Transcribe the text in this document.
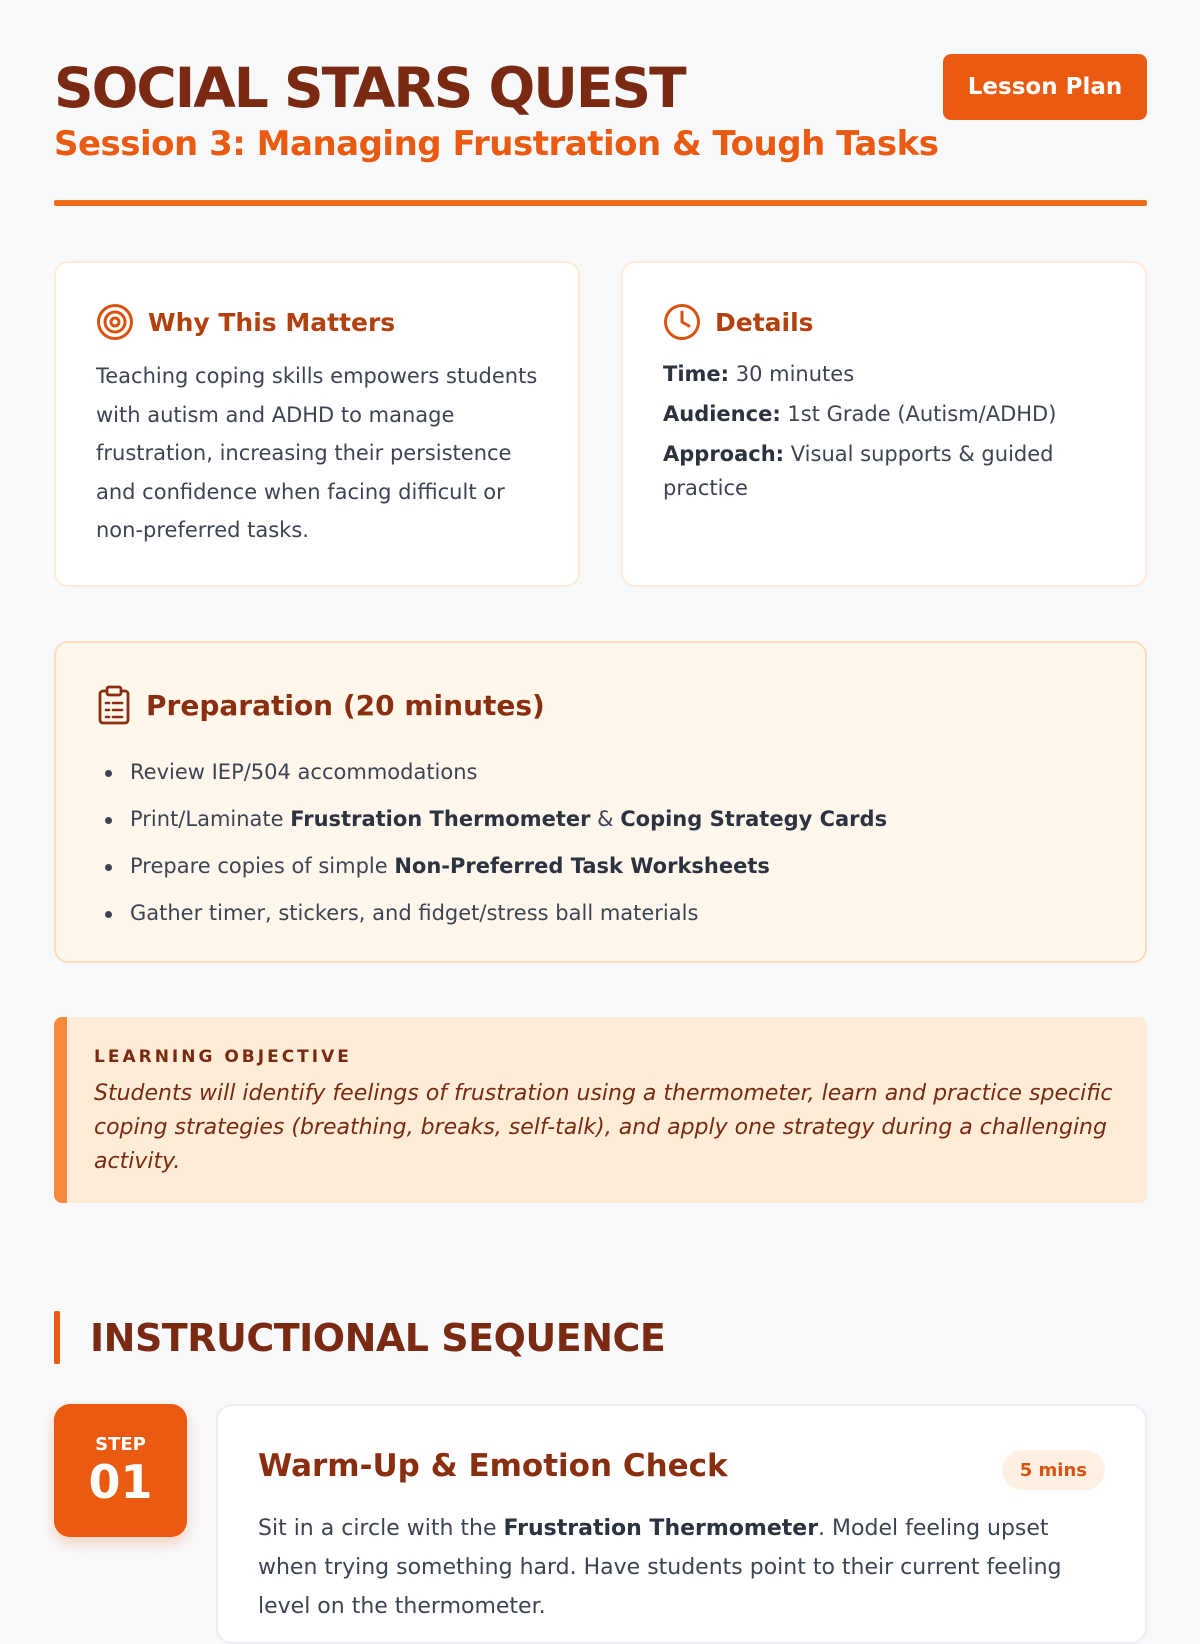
SOCIAL STARS QUEST
Session 3: Managing Frustration & Tough Tasks
Lesson Plan
Why This Matters
Teaching coping skills empowers students with autism and ADHD to manage frustration, increasing their persistence and confidence when facing difficult or non-preferred tasks.
Details
Time: 30 minutes
Audience: 1st Grade (Autism/ADHD)
Approach: Visual supports & guided practice
Preparation (20 minutes)
Review IEP/504 accommodations
Print/Laminate Frustration Thermometer & Coping Strategy Cards
Prepare copies of simple Non-Preferred Task Worksheets
Gather timer, stickers, and fidget/stress ball materials
LEARNING OBJECTIVE
Students will identify feelings of frustration using a thermometer, learn and practice specific coping strategies (breathing, breaks, self-talk), and apply one strategy during a challenging activity.
INSTRUCTIONAL SEQUENCE
STEP
01	Warm-Up & Emotion Check	5 mins
Sit in a circle with the Frustration Thermometer. Model feeling upset when trying something hard. Have students point to their current feeling level on the thermometer.
